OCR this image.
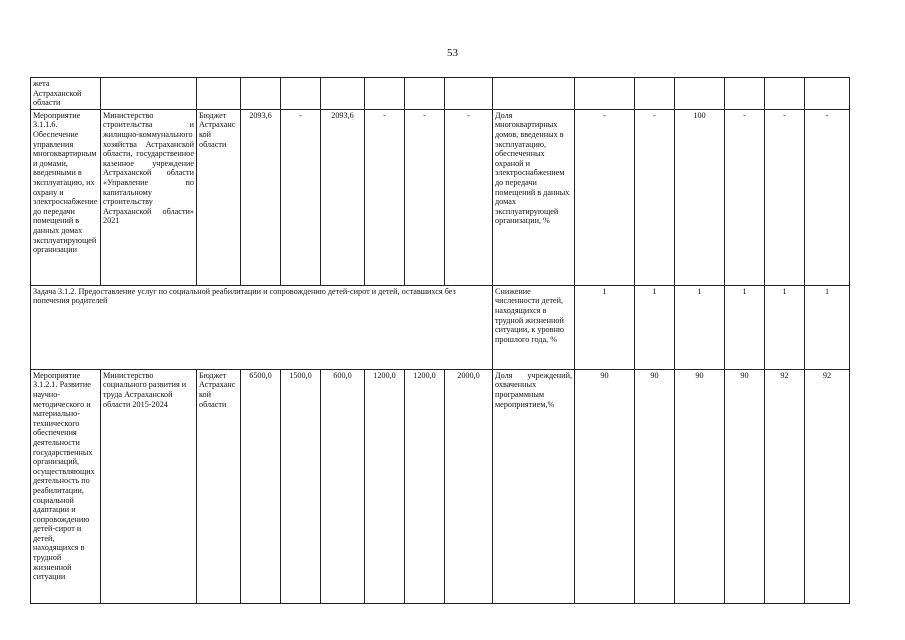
53
жета Астраханской области															
Мероприятие 3.1.1.6. Обеспечение управления многоквартирными домами, введенными в эксплуатацию, их охрану и электроснабжение до передачи помещений в данных домах эксплуатирующей организации	Министерство строительства и жилищно-коммунального хозяйства Астраханской области, государственное казенное учреждение Астраханской области «Управление по капитальному строительству Астраханской области» 2021	Бюджет Астраханской области	2093,6	-	2093,6	-	-	-	Доля многоквартирных домов, введенных в эксплуатацию, обеспеченных охраной и электроснабжением до передачи помещений в данных домах эксплуатирующей организации, %	-	-	100	-	-	-
Задача 3.1.2. Предоставление услуг по социальной реабилитации и сопровождению детей-сирот и детей, оставшихся без попечения родителей									Снижение численности детей, находящихся в трудной жизненной ситуации, к уровню прошлого года, %	1	1	1	1	1	1
Мероприятие 3.1.2.1. Развитие научно-методического и материально-технического обеспечения деятельности государственных организаций, осуществляющих деятельность по реабилитации, социальной адаптации и сопровождению детей-сирот и детей, находящихся в трудной жизненной ситуации	Министерство социального развития и труда Астраханской области 2015-2024	Бюджет Астраханской области	6500,0	1500,0	600,0	1200,0	1200,0	2000,0	Доля учреждений, охваченных программным мероприятием,%	90	90	90	90	92	92
